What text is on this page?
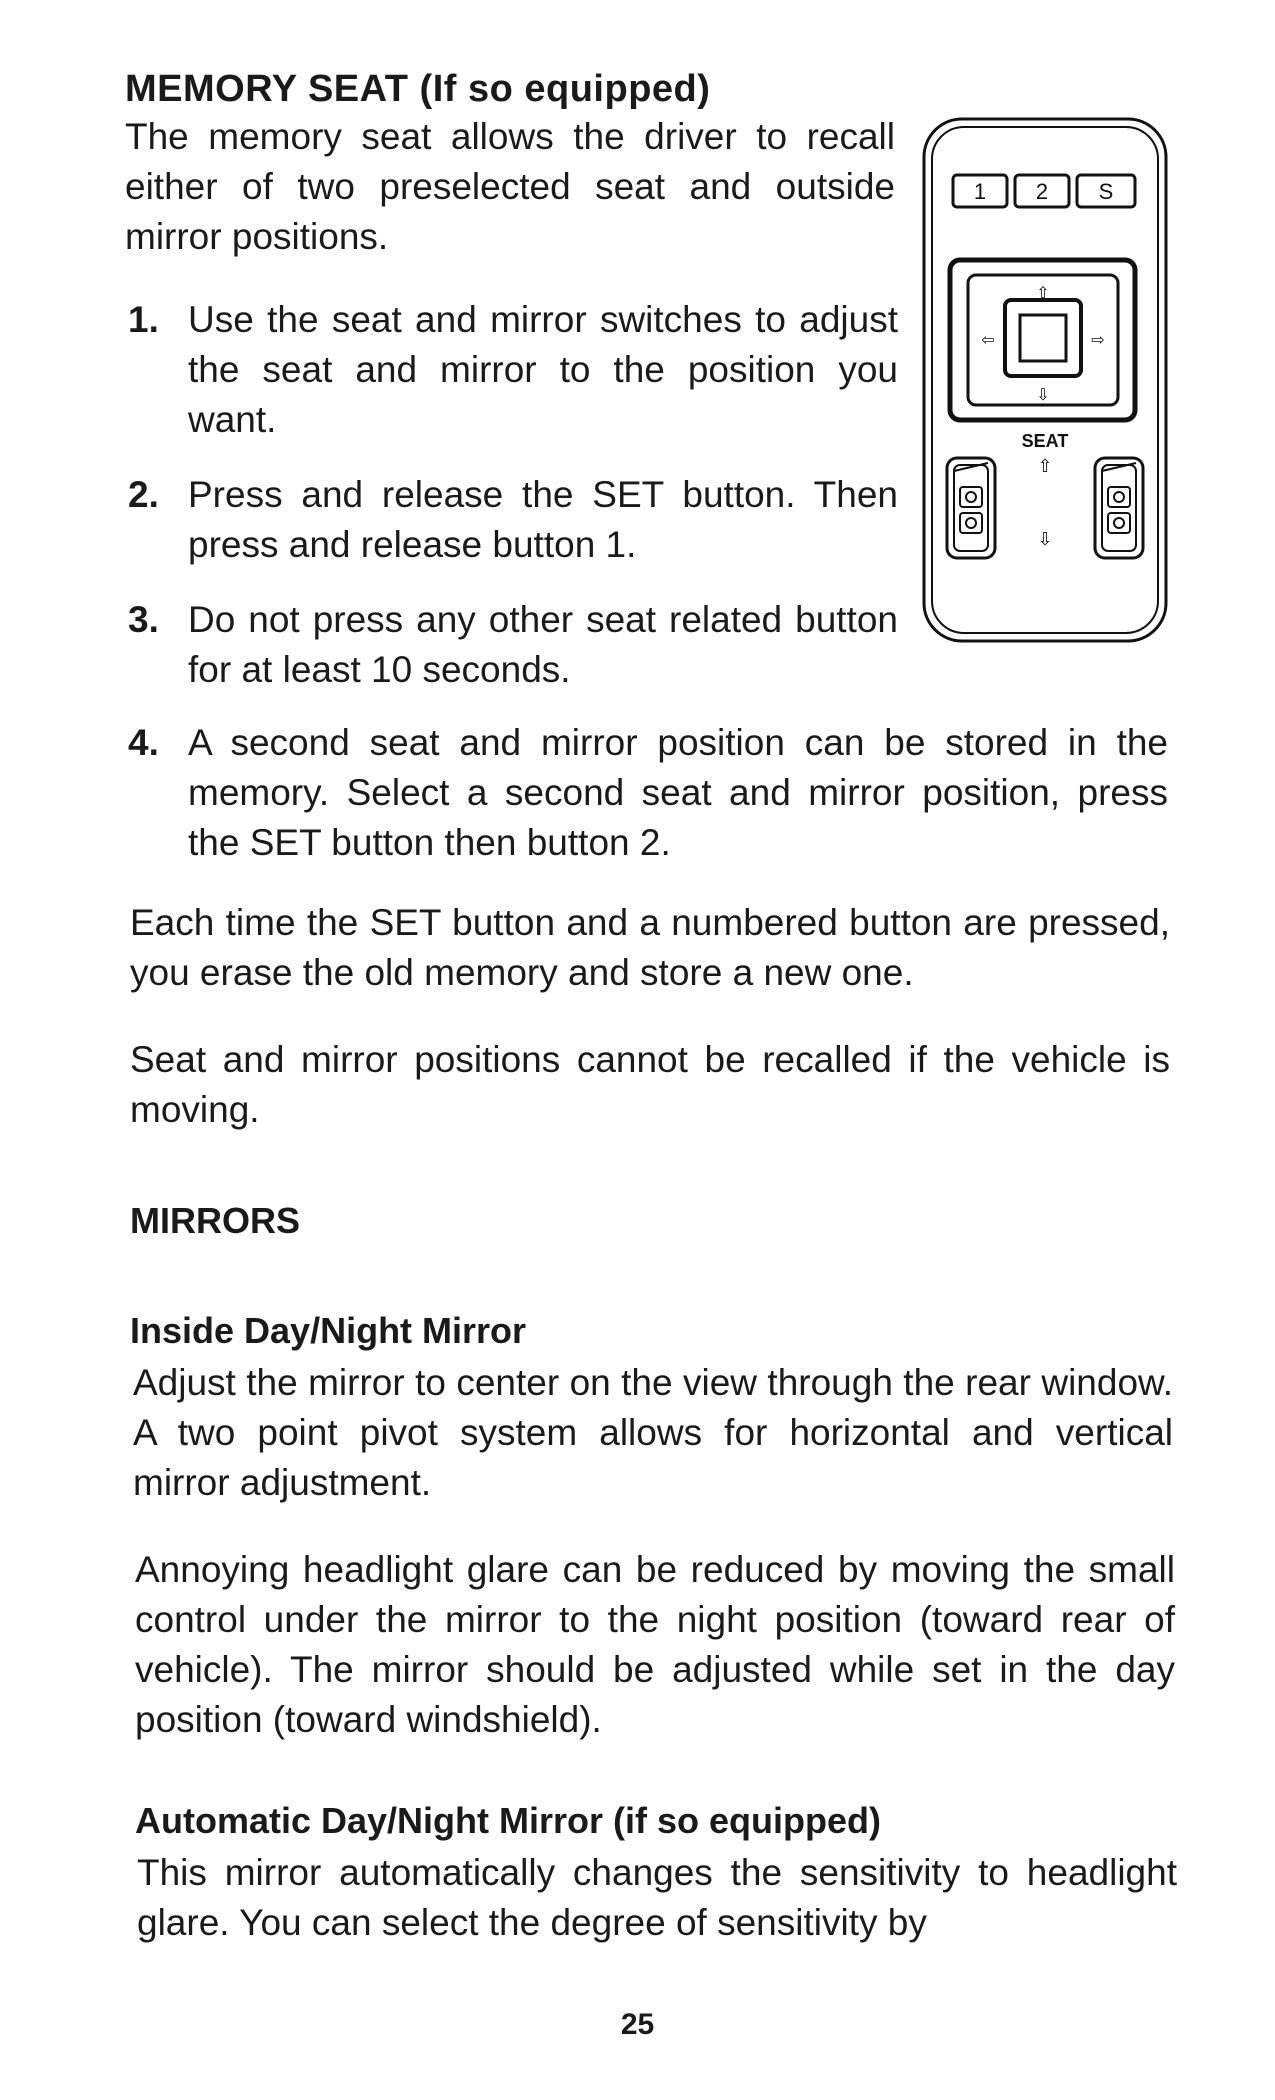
MEMORY SEAT (If so equipped)

The memory seat allows the driver to recall either of two preselected seat and outside mirror positions.

1. Use the seat and mirror switches to adjust the seat and mirror to the position you want.
2. Press and release the SET button. Then press and release button 1.
3. Do not press any other seat related button for at least 10 seconds.
4. A second seat and mirror position can be stored in the memory. Select a second seat and mirror position, press the SET button then button 2.

Each time the SET button and a numbered button are pressed, you erase the old memory and store a new one.

Seat and mirror positions cannot be recalled if the vehicle is moving.

1 2 S
⇧
⇩
⇦	⇨
SEAT
⇧
⇩
MIRRORS
Inside Day/Night Mirror

Adjust the mirror to center on the view through the rear window. A two point pivot system allows for horizontal and vertical mirror adjustment.

Annoying headlight glare can be reduced by moving the small control under the mirror to the night position (toward rear of vehicle). The mirror should be adjusted while set in the day position (toward windshield).

Automatic Day/Night Mirror (if so equipped)

This mirror automatically changes the sensitivity to headlight glare. You can select the degree of sensitivity by

25
